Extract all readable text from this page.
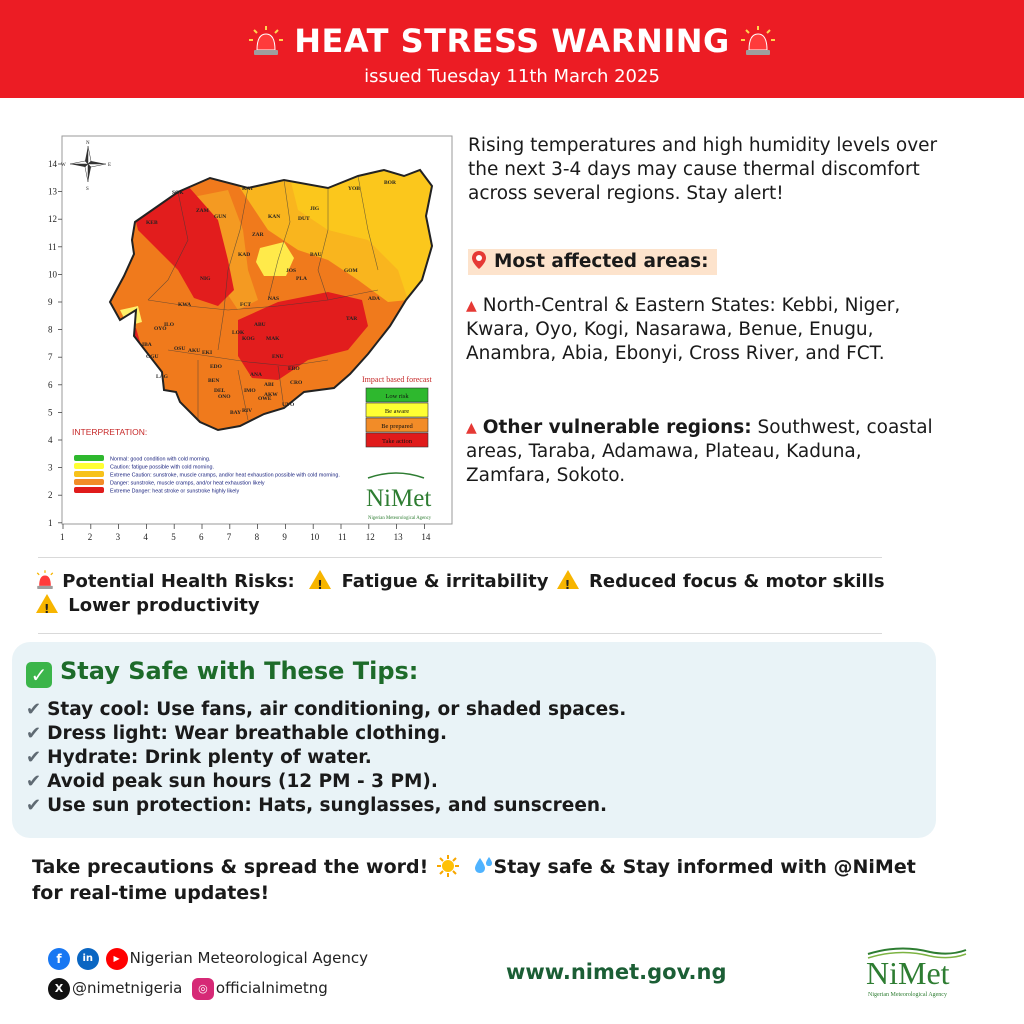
HEAT STRESS WARNING
issued Tuesday 11th March 2025
14
13
12
11
10
9
8
7
6
5
4
3
2
1
1	2	3	4	5	6	7	8	9	10 11 12 13 14
SOK
KAT
KAN
JIG
YOB
BOR
KEB
ZAM
GUN
KAD	BAU
GOM
DUT
ZAR
KWA
NIG
FCT
NAS
PLA
ADA
TAR
BEN
KOG
OYO
OGU
LAG
OSU
EKI
ONO
EDO
DEL
BAY RIV
AKW
CRO
ENU
EBO
ANA
IMO
ABI
LOK
MAK
JOS
ABU
IBA
ILO
AKU
OWE
UYO
N
S
E
W
Impact based forecast
Low risk
Be aware
Be prepared
Take action
INTERPRETATION:
Normal: good condition with cold morning.
Caution: fatigue possible with cold morning.
Extreme Caution: sunstroke, muscle cramps, and/or heat exhaustion possible with cold morning.
Danger: sunstroke, muscle cramps, and/or heat exhaustion likely
Extreme Danger: heat stroke or sunstroke highly likely	NiMet
Nigerian Meteorological Agency
Rising temperatures and high humidity levels over the next 3-4 days may cause thermal discomfort across several regions. Stay alert!
Most affected areas:
▲ North-Central & Eastern States: Kebbi, Niger, Kwara, Oyo, Kogi, Nasarawa, Benue, Enugu, Anambra, Abia, Ebonyi, Cross River, and FCT.
▲ Other vulnerable regions: Southwest, coastal areas, Taraba, Adamawa, Plateau, Kaduna, Zamfara, Sokoto.
Potential Health Risks: !	Fatigue & irritability ! Reduced focus & motor skills
! Lower productivity
✓ Stay Safe with These Tips:
✔ Stay cool: Use fans, air conditioning, or shaded spaces.
✔ Dress light: Wear breathable clothing.
✔ Hydrate: Drink plenty of water.
✔ Avoid peak sun hours (12 PM - 3 PM).
✔ Use sun protection: Hats, sunglasses, and sunscreen.
Take precautions & spread the word!	Stay safe & Stay informed with @NiMet for real-time updates!
f in	▶ Nigerian Meteorological Agency
X @nimetnigeria ◎ officialnimetng
www.nimet.gov.ng	NiMet
Nigerian Meteorological Agency
